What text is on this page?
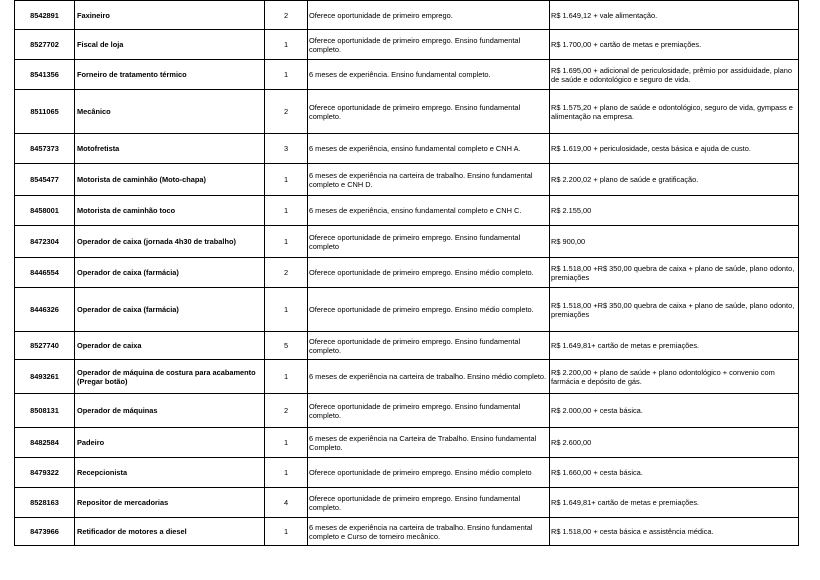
8542891	Faxineiro	2	Oferece oportunidade de primeiro emprego.	R$ 1.649,12 + vale alimentação.
8527702	Fiscal de loja	1	Oferece oportunidade de primeiro emprego. Ensino fundamental completo.	R$ 1.700,00 + cartão de metas e premiações.
8541356	Forneiro de tratamento térmico	1	6 meses de experiência. Ensino fundamental completo.	R$ 1.695,00 + adicional de periculosidade, prêmio por assiduidade, plano de saúde e odontológico e seguro de vida.
8511065	Mecânico	2	Oferece oportunidade de primeiro emprego. Ensino fundamental completo.	R$ 1.575,20 + plano de saúde e odontológico, seguro de vida, gympass e alimentação na empresa.
8457373	Motofretista	3	6 meses de experiência, ensino fundamental completo e CNH A.	R$ 1.619,00 + periculosidade, cesta básica e ajuda de custo.
8545477	Motorista de caminhão (Moto-chapa)	1	6 meses de experiência na carteira de trabalho. Ensino fundamental completo e CNH D.	R$ 2.200,02 + plano de saúde e gratificação.
8458001	Motorista de caminhão toco	1	6 meses de experiência, ensino fundamental completo e CNH C.	R$ 2.155,00
8472304	Operador de caixa (jornada 4h30 de trabalho)	1	Oferece oportunidade de primeiro emprego. Ensino fundamental completo	R$ 900,00
8446554	Operador de caixa (farmácia)	2	Oferece oportunidade de primeiro emprego. Ensino médio completo.	R$ 1.518,00 +R$ 350,00 quebra de caixa + plano de saúde, plano odonto, premiações
8446326	Operador de caixa (farmácia)	1	Oferece oportunidade de primeiro emprego. Ensino médio completo.	R$ 1.518,00 +R$ 350,00 quebra de caixa + plano de saúde, plano odonto, premiações
8527740	Operador de caixa	5	Oferece oportunidade de primeiro emprego. Ensino fundamental completo.	R$ 1.649,81+ cartão de metas e premiações.
8493261	Operador de máquina de costura para acabamento (Pregar botão)	1	6 meses de experiência na carteira de trabalho. Ensino médio completo.	R$ 2.200,00 + plano de saúde + plano odontológico + convenio com farmácia e depósito de gás.
8508131	Operador de máquinas	2	Oferece oportunidade de primeiro emprego. Ensino fundamental completo.	R$ 2.000,00 + cesta básica.
8482584	Padeiro	1	6 meses de experiência na Carteira de Trabalho. Ensino fundamental Completo.	R$ 2.600,00
8479322	Recepcionista	1	Oferece oportunidade de primeiro emprego. Ensino médio completo	R$ 1.660,00 + cesta básica.
8528163	Repositor de mercadorias	4	Oferece oportunidade de primeiro emprego. Ensino fundamental completo.	R$ 1.649,81+ cartão de metas e premiações.
8473966	Retificador de motores a diesel	1	6 meses de experiência na carteira de trabalho. Ensino fundamental completo e Curso de torneiro mecânico.	R$ 1.518,00 + cesta básica e assistência médica.
